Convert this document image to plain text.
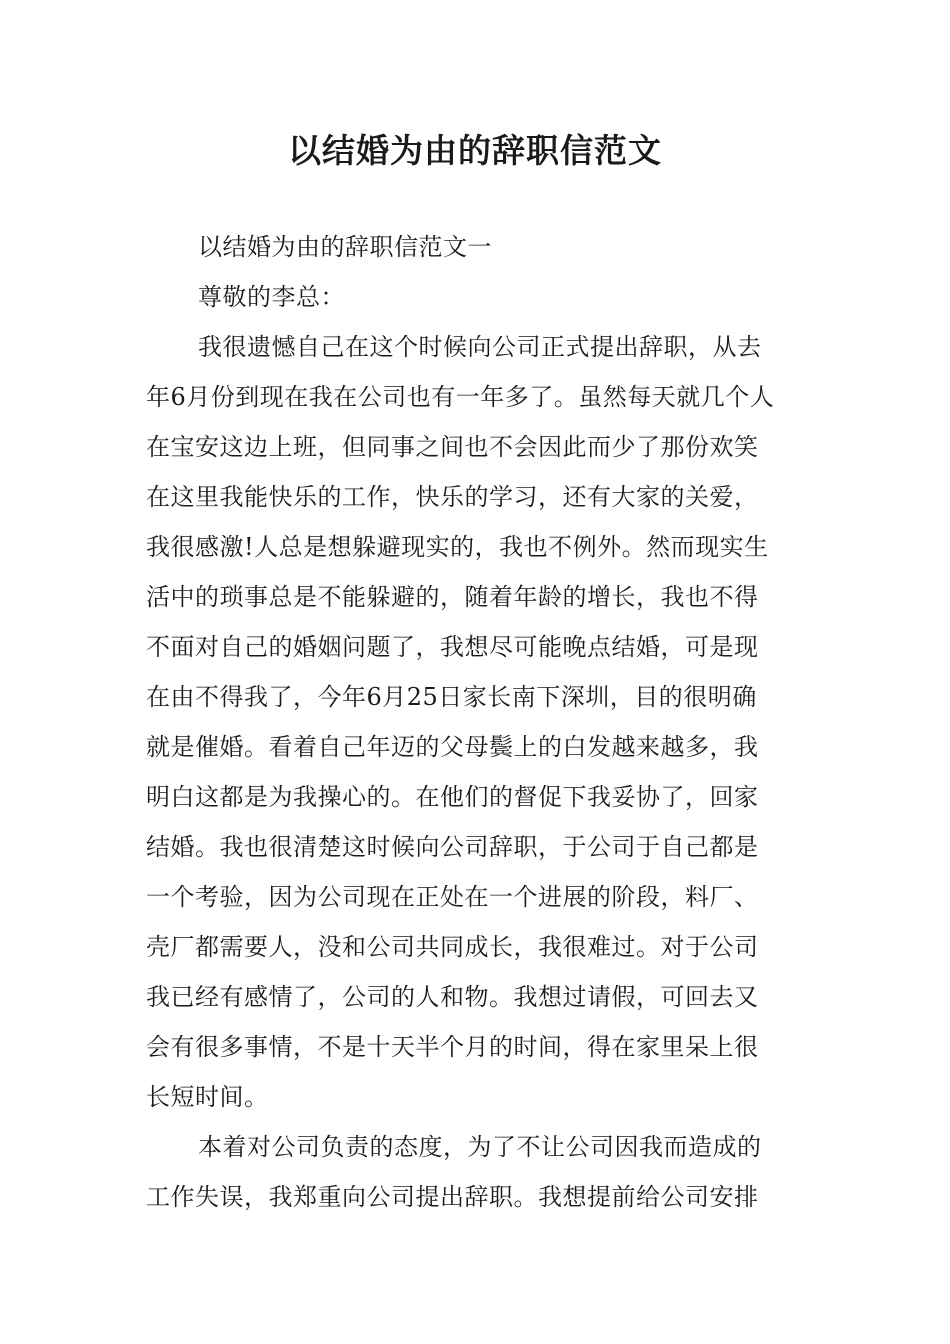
以结婚为由的辞职信范文

以结婚为由的辞职信范文一

尊敬的李总：

我很遗憾自己在这个时候向公司正式提出辞职，从去
年6月份到现在我在公司也有一年多了。虽然每天就几个人
在宝安这边上班，但同事之间也不会因此而少了那份欢笑
在这里我能快乐的工作，快乐的学习，还有大家的关爱，
我很感激!人总是想躲避现实的，我也不例外。然而现实生
活中的琐事总是不能躲避的，随着年龄的增长，我也不得
不面对自己的婚姻问题了，我想尽可能晚点结婚，可是现
在由不得我了，今年6月25日家长南下深圳，目的很明确
就是催婚。看着自己年迈的父母鬓上的白发越来越多，我
明白这都是为我操心的。在他们的督促下我妥协了，回家
结婚。我也很清楚这时候向公司辞职，于公司于自己都是
一个考验，因为公司现在正处在一个进展的阶段，料厂、
壳厂都需要人，没和公司共同成长，我很难过。对于公司
我已经有感情了，公司的人和物。我想过请假，可回去又
会有很多事情，不是十天半个月的时间，得在家里呆上很
长短时间。

本着对公司负责的态度，为了不让公司因我而造成的
工作失误，我郑重向公司提出辞职。我想提前给公司安排
